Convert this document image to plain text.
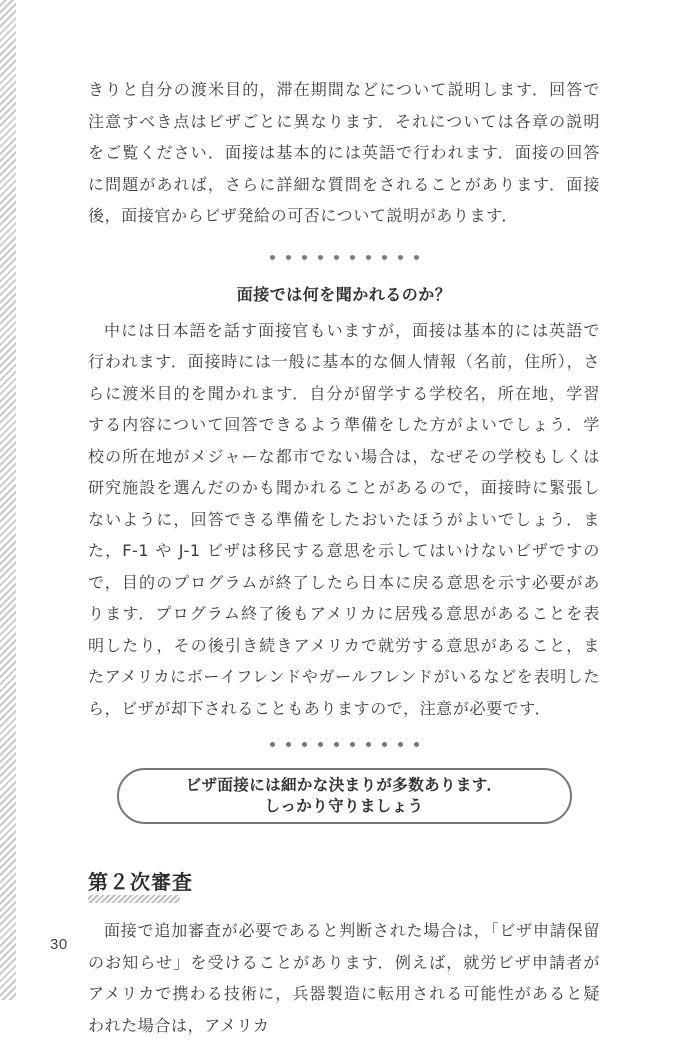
きりと自分の渡米目的，滞在期間などについて説明します．回答で注意すべき点はビザごとに異なります．それについては各章の説明をご覧ください．面接は基本的には英語で行われます．面接の回答に問題があれば，さらに詳細な質問をされることがあります．面接後，面接官からビザ発給の可否について説明があります．

面接では何を聞かれるのか？

中には日本語を話す面接官もいますが，面接は基本的には英語で行われます．面接時には一般に基本的な個人情報（名前，住所），さらに渡米目的を聞かれます．自分が留学する学校名，所在地，学習する内容について回答できるよう準備をした方がよいでしょう．学校の所在地がメジャーな都市でない場合は，なぜその学校もしくは研究施設を選んだのかも聞かれることがあるので，面接時に緊張しないように，回答できる準備をしたおいたほうがよいでしょう．また，F-1 や J-1 ビザは移民する意思を示してはいけないビザですので，目的のプログラムが終了したら日本に戻る意思を示す必要があります．プログラム終了後もアメリカに居残る意思があることを表明したり，その後引き続きアメリカで就労する意思があること，またアメリカにボーイフレンドやガールフレンドがいるなどを表明したら，ビザが却下されることもありますので，注意が必要です．

ビザ面接には細かな決まりが多数あります．
しっかり守りましょう
第２次審査

面接で追加審査が必要であると判断された場合は，「ビザ申請保留のお知らせ」を受けることがあります．例えば，就労ビザ申請者がアメリカで携わる技術に，兵器製造に転用される可能性があると疑われた場合は，アメリカ

30
